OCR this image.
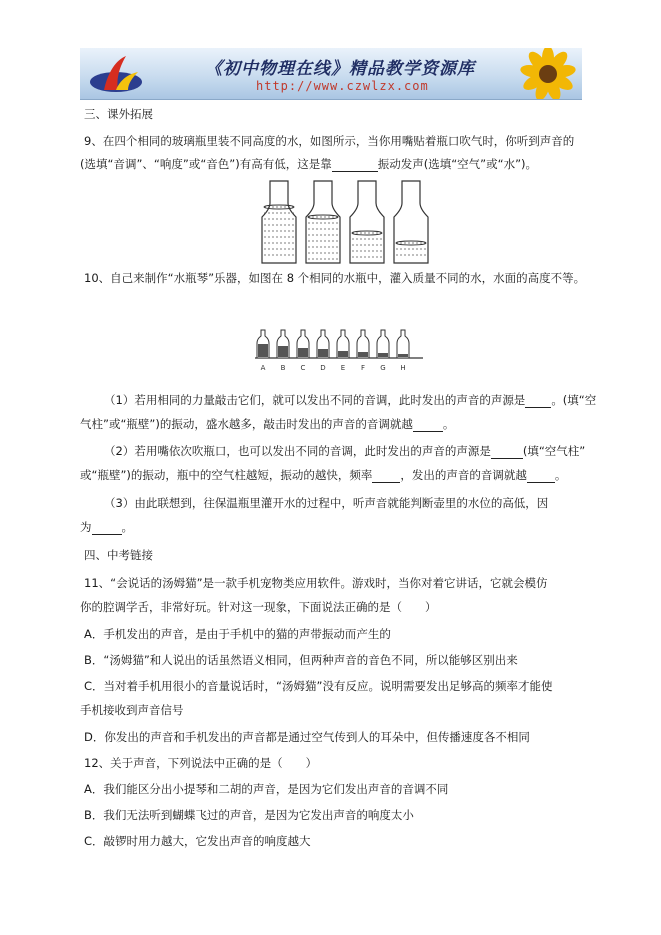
《初中物理在线》精品教学资源库
http://www.czwlzx.com
三、课外拓展
9、在四个相同的玻璃瓶里装不同高度的水，如图所示，当你用嘴贴着瓶口吹气时，你听到声音的
(选填“音调”、“响度”或“音色”)有高有低，这是靠	振动发声(选填“空气”或“水”)。
10、自己来制作“水瓶琴”乐器，如图在 8 个相同的水瓶中，灌入质量不同的水，水面的高度不等。
A B C D E F G H
（1）若用相同的力量敲击它们，就可以发出不同的音调，此时发出的声音的声源是 。(填“空
气柱”或“瓶壁”)的振动，盛水越多，敲击时发出的声音的音调就越	。
（2）若用嘴依次吹瓶口，也可以发出不同的音调，此时发出的声音的声源是	(填“空气柱”
或“瓶壁”)的振动，瓶中的空气柱越短，振动的越快，频率 ，发出的声音的音调就越 。
（3）由此联想到，往保温瓶里灌开水的过程中，听声音就能判断壶里的水位的高低，因
为	。
四、中考链接
11、“会说话的汤姆猫”是一款手机宠物类应用软件。游戏时，当你对着它讲话，它就会模仿
你的腔调学舌，非常好玩。针对这一现象，下面说法正确的是（　　）
A．手机发出的声音，是由于手机中的猫的声带振动而产生的
B．“汤姆猫”和人说出的话虽然语义相同，但两种声音的音色不同，所以能够区别出来
C．当对着手机用很小的音量说话时，“汤姆猫”没有反应。说明需要发出足够高的频率才能使
手机接收到声音信号
D．你发出的声音和手机发出的声音都是通过空气传到人的耳朵中，但传播速度各不相同
12、关于声音，下列说法中正确的是（　　）
A．我们能区分出小提琴和二胡的声音，是因为它们发出声音的音调不同
B．我们无法听到蝴蝶飞过的声音，是因为它发出声音的响度太小
C．敲锣时用力越大，它发出声音的响度越大
